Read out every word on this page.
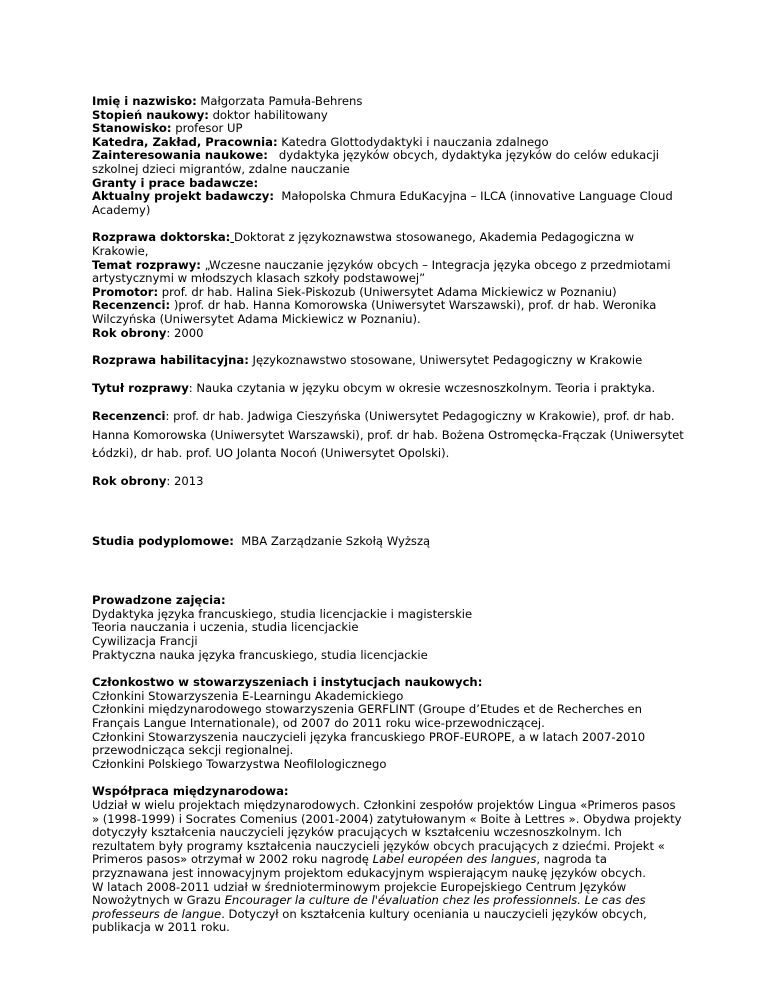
Imię i nazwisko: Małgorzata Pamuła-Behrens
Stopień naukowy: doktor habilitowany
Stanowisko: profesor UP
Katedra, Zakład, Pracownia: Katedra Glottodydaktyki i nauczania zdalnego
Zainteresowania naukowe: dydaktyka języków obcych, dydaktyka języków do celów edukacji szkolnej dzieci migrantów, zdalne nauczanie
Granty i prace badawcze:
Aktualny projekt badawczy: Małopolska Chmura EduKacyjna – ILCA (innovative Language Cloud Academy)
Rozprawa doktorska: Doktorat z językoznawstwa stosowanego, Akademia Pedagogiczna w Krakowie,
Temat rozprawy: „Wczesne nauczanie języków obcych – Integracja języka obcego z przedmiotami artystycznymi w młodszych klasach szkoły podstawowej”
Promotor: prof. dr hab. Halina Siek-Piskozub (Uniwersytet Adama Mickiewicz w Poznaniu)
Recenzenci: )prof. dr hab. Hanna Komorowska (Uniwersytet Warszawski), prof. dr hab. Weronika Wilczyńska (Uniwersytet Adama Mickiewicz w Poznaniu).
Rok obrony: 2000
Rozprawa habilitacyjna: Językoznawstwo stosowane, Uniwersytet Pedagogiczny w Krakowie
Tytuł rozprawy: Nauka czytania w języku obcym w okresie wczesnoszkolnym. Teoria i praktyka.
Recenzenci: prof. dr hab. Jadwiga Cieszyńska (Uniwersytet Pedagogiczny w Krakowie), prof. dr hab. Hanna Komorowska (Uniwersytet Warszawski), prof. dr hab. Bożena Ostromęcka-Frączak (Uniwersytet Łódzki), dr hab. prof. UO Jolanta Nocoń (Uniwersytet Opolski).
Rok obrony: 2013
Studia podyplomowe: MBA Zarządzanie Szkołą Wyższą
Prowadzone zajęcia:
Dydaktyka języka francuskiego, studia licencjackie i magisterskie
Teoria nauczania i uczenia, studia licencjackie
Cywilizacja Francji
Praktyczna nauka języka francuskiego, studia licencjackie
Członkostwo w stowarzyszeniach i instytucjach naukowych:
Członkini Stowarzyszenia E-Learningu Akademickiego
Członkini międzynarodowego stowarzyszenia GERFLINT (Groupe d’Etudes et de Recherches en Français Langue Internationale), od 2007 do 2011 roku wice-przewodniczącej.
Członkini Stowarzyszenia nauczycieli języka francuskiego PROF-EUROPE, a w latach 2007-2010 przewodnicząca sekcji regionalnej.
Członkini Polskiego Towarzystwa Neofilologicznego
Współpraca międzynarodowa:
Udział w wielu projektach międzynarodowych. Członkini zespołów projektów Lingua «Primeros pasos » (1998-1999) i Socrates Comenius (2001-2004) zatytułowanym « Boite à Lettres ». Obydwa projekty dotyczyły kształcenia nauczycieli języków pracujących w kształceniu wczesnoszkolnym. Ich rezultatem były programy kształcenia nauczycieli języków obcych pracujących z dziećmi. Projekt « Primeros pasos» otrzymał w 2002 roku nagrodę Label européen des langues, nagroda ta przyznawana jest innowacyjnym projektom edukacyjnym wspierającym naukę języków obcych.
W latach 2008-2011 udział w średnioterminowym projekcie Europejskiego Centrum Języków Nowożytnych w Grazu Encourager la culture de l'évaluation chez les professionnels. Le cas des professeurs de langue. Dotyczył on kształcenia kultury oceniania u nauczycieli języków obcych, publikacja w 2011 roku.
